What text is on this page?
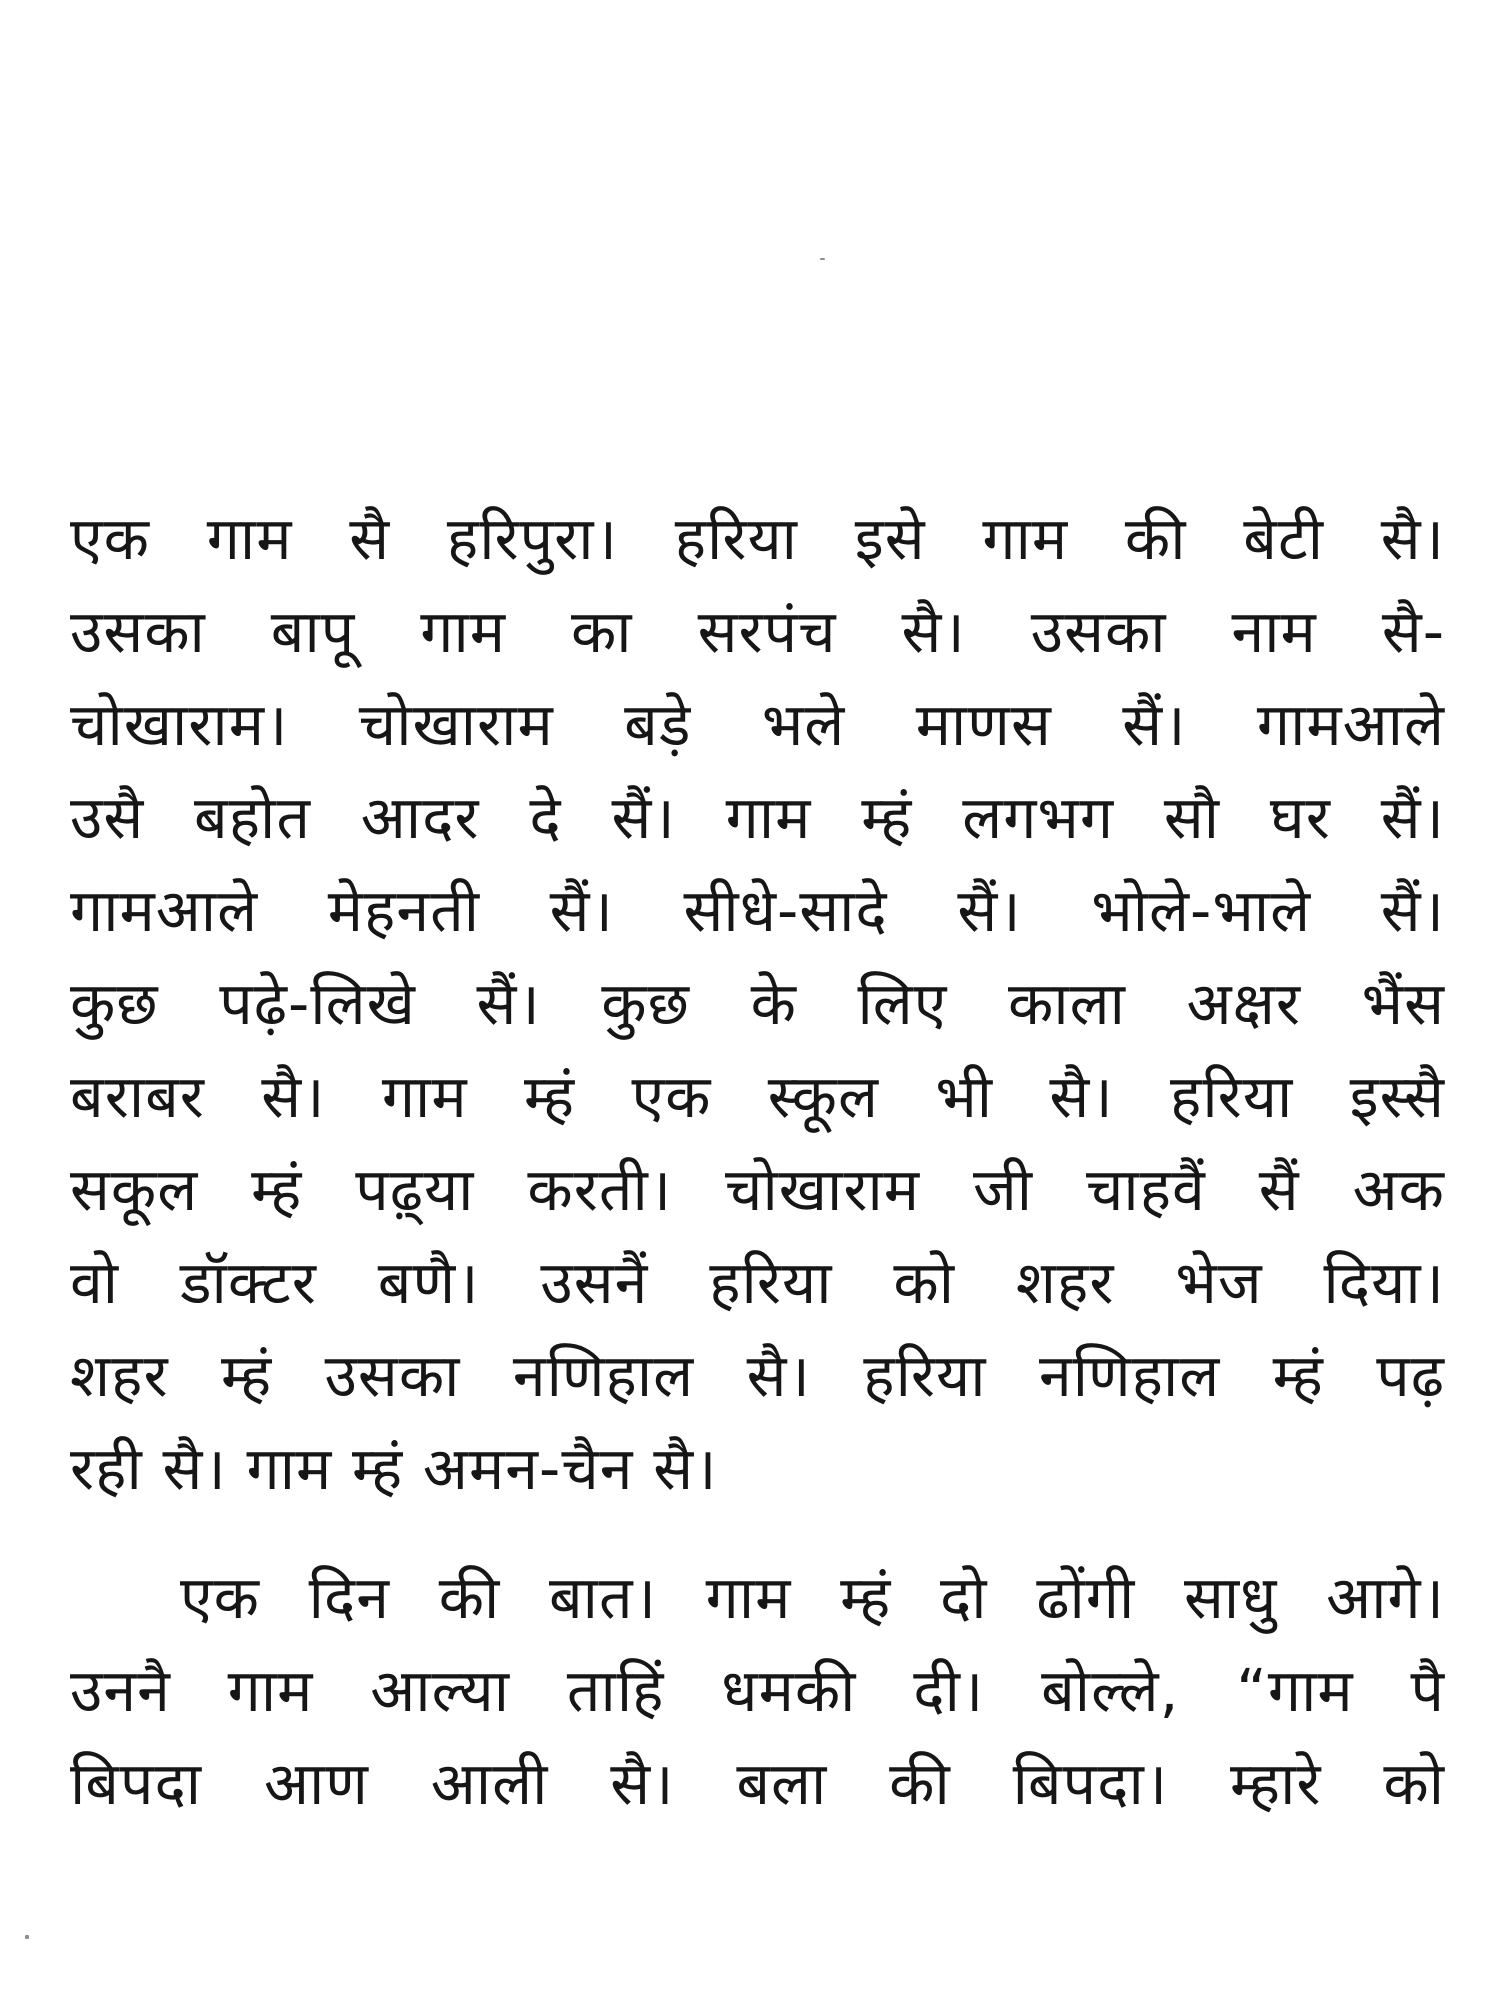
एक गाम सै हरिपुरा। हरिया इसे गाम की बेटी सै।
उसका बापू गाम का सरपंच सै। उसका नाम सै-
चोखाराम। चोखाराम बड़े भले माणस सैं। गामआले
उसै बहोत आदर दे सैं। गाम म्हं लगभग सौ घर सैं।
गामआले मेहनती सैं। सीधे-सादे सैं। भोले-भाले सैं।
कुछ पढ़े-लिखे सैं। कुछ के लिए काला अक्षर भैंस
बराबर सै। गाम म्हं एक स्कूल भी सै। हरिया इस्सै
सकूल म्हं पढ़्या करती। चोखाराम जी चाहवैं सैं अक
वो डॉक्टर बणै। उसनैं हरिया को शहर भेज दिया।
शहर म्हं उसका नणिहाल सै। हरिया नणिहाल म्हं पढ़
रही सै। गाम म्हं अमन-चैन सै।

एक दिन की बात। गाम म्हं दो ढोंगी साधु आगे।
उननै गाम आल्या ताहिं धमकी दी। बोल्ले, “गाम पै
बिपदा आण आली सै। बला की बिपदा। म्हारे को
